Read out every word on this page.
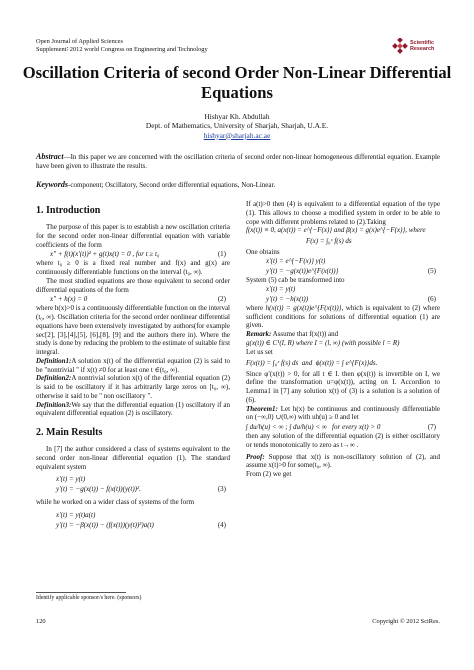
Open Journal of Applied Sciences
Supplement∶ 2012 world Congress on Engineering and Technology
Scientific
Research
Oscillation Criteria of second Order Non-Linear Differential
Equations
Hishyar Kh. Abdullah
Dept. of Mathematics, University of Sharjah, Sharjah, U.A.E.
hishyar@sharjah.ac.ae
Abstract—In this paper we are concerned with the oscillation criteria of second order non-linear homogeneous differential equation. Example have been given to illustrate the results.
Keywords-component; Oscillatory, Second order differential equations, Non-Linear.
1. Introduction

The purpose of this paper is to establish a new oscillation criteria for the second order non-linear differential equation with variable coefficients of the form

x″ + f(t)(x′(t))² + g(t)x(t) = 0 , for t ≥ t₀	(1)

where t₀ ≥ 0 is a fixed real number and f(x) and g(x) are continuously differentiable functions on the interval (t₀, ∞).

The most studied equations are those equivalent to second order differential equations of the form

x″ + h(x) = 0	(2)

where h(x)>0 is a continuously differentiable function on the interval (t₀, ∞). Oscillation criteria for the second order nonlinear differential equations have been extensively investigated by authors(for example sec[2], [3],[4],[5], [6],[8], [9] and the authors there in). Where the study is done by reducing the problem to the estimate of suitable first integral.

Definition1:A solution x(t) of the differential equation (2) is said to be "nontrivial " if x(t) ≠0 for at least one t ∈(t₀, ∞).

Definition2:A nontrivial solution x(t) of the differential equation (2) is said to be oscillatory if it has arbitrarily large zeros on [t₀, ∞), otherwise it said to be " non oscillatory ".

Definition3:We say that the differential equation (1) oscillatory if an equivalent differential equation (2) is oscillatory.

2. Main Results

In [7] the author considered a class of systems equivalent to the second order non-linear differential equation (1). The standard equivalent system

x′(t) = y(t)
y′(t) = −g(x(t)) − f(x(t))(y(t))².	(3)

while he worked on a wider class of systems of the form

x′(t) = y(t)a(t)
y′(t) = −β(x(t)) − (f(x(t))(y(t))²)a(t)	(4)

If a(t)>0 then (4) is equivalent to a differential equation of the type (1). This allows to choose a modified system in order to be able to cope with different problems related to (2).Taking

f(x(t)) ≡ 0, a(x(t)) = e^{−F(x)} and β(x) = g(x)e^{−F(x)}, where
F(x) = ∫₀ˣ f(s) ds

One obtains

x′(t) = e^{−F(x)} y(t)
y′(t) = −g(x(t))e^{F(x(t))}	(5)

System (5) cab be transformed into

x′(t) = y(t)
y′(t) = −h(x(t))	(6)

where h(x(t)) = g(x(t))e^{F(x(t))}, which is equivalent to (2) where sufficient conditions for solutions of differential equation (1) are given.

Remark: Assume that f(x(t)) and

g(x(t)) ∈ C¹(I, R) where I = (l, ∞) (with possible l = R)

Let us set

F(x(t)) = ∫₀ˣ f(s) ds  and  ϕ(x(t)) = ∫ e^{F(x)}ds.

Since φ′(x(t)) > 0, for all t ∈ I. then φ(x(t)) is invertible on I, we define the transformation u=φ(x(t)), acting on I. Accordion to Lemma1 in [7] any solution x(t) of (3) is a solution is a solution of (6).

Theorem1: Let h(x) be continuous and continuously differentiable on (−∞,0) ∪(0,∞) with uh(u) ≥ 0 and let

∫ du/h(u) < ∞ ; ∫ du/h(u) < ∞   for every x(t) > 0	(7)

then any solution of the differential equation (2) is either oscillatory or tends monotonically to zero as t→∞ .

Proof: Suppose that x(t) is non-oscillatory solution of (2), and assume x(t)>0 for some(t₀, ∞).

From (2) we get

Identify applicable sponsor/s here. (sponsors)
120	Copyright © 2012 SciRes.
